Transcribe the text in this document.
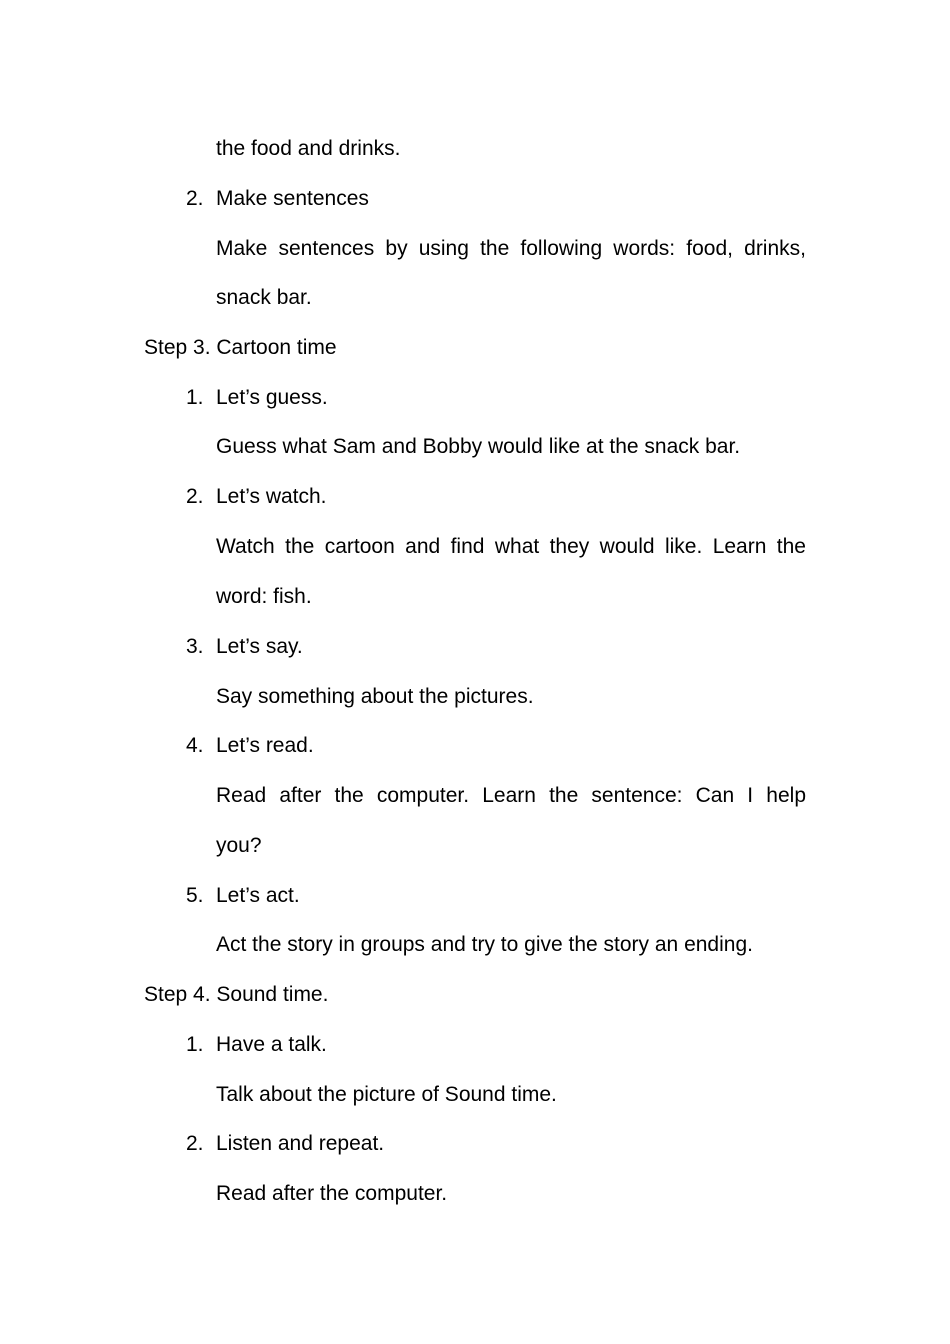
the food and drinks.
2. Make sentences
Make sentences by using the following words: food, drinks,
snack bar.
Step 3. Cartoon time
1. Let’s guess.
Guess what Sam and Bobby would like at the snack bar.
2. Let’s watch.
Watch the cartoon and find what they would like. Learn the
word: fish.
3. Let’s say.
Say something about the pictures.
4. Let’s read.
Read after the computer. Learn the sentence: Can I help
you?
5. Let’s act.
Act the story in groups and try to give the story an ending.
Step 4. Sound time.
1. Have a talk.
Talk about the picture of Sound time.
2. Listen and repeat.
Read after the computer.
